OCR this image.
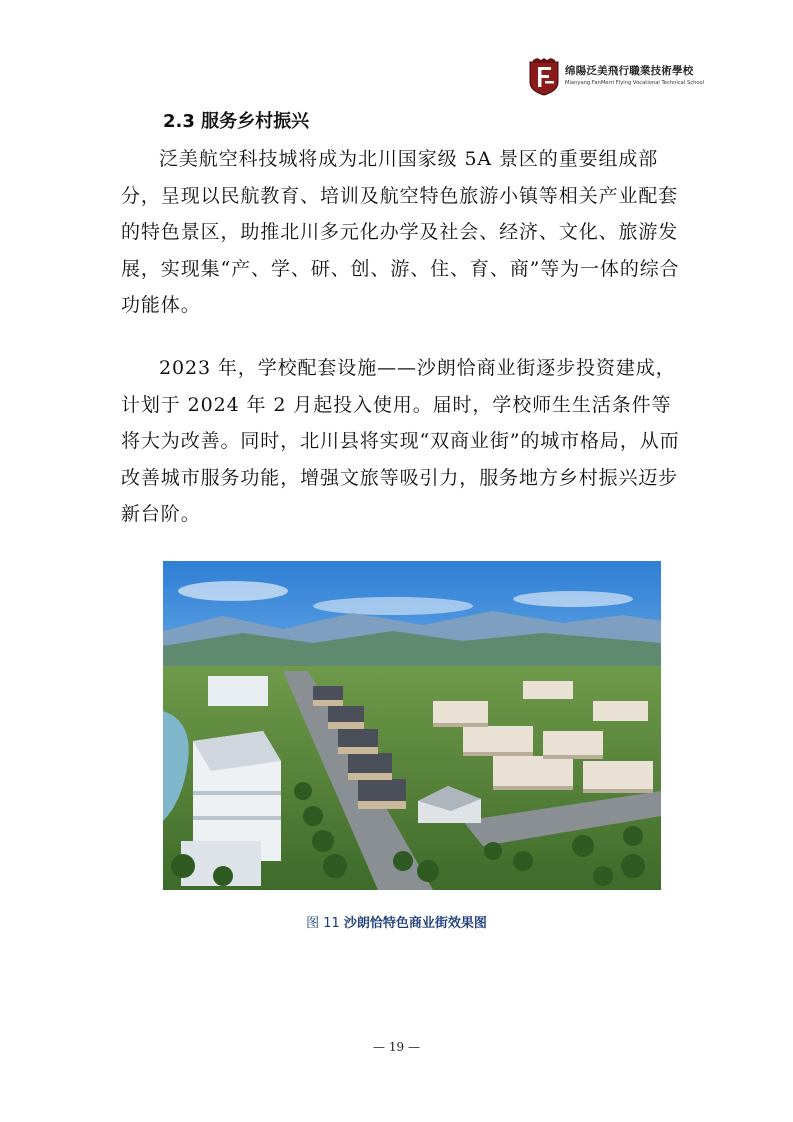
绵陽泛美飛行職業技術學校
Mianyang FanMerri Flying Vocational Technical School
2.3 服务乡村振兴

泛美航空科技城将成为北川国家级 5A 景区的重要组成部分，呈现以民航教育、培训及航空特色旅游小镇等相关产业配套的特色景区，助推北川多元化办学及社会、经济、文化、旅游发展，实现集“产、学、研、创、游、住、育、商”等为一体的综合功能体。

2023 年，学校配套设施——沙朗恰商业街逐步投资建成，计划于 2024 年 2 月起投入使用。届时，学校师生生活条件等将大为改善。同时，北川县将实现“双商业街”的城市格局，从而改善城市服务功能，增强文旅等吸引力，服务地方乡村振兴迈步新台阶。

图 11 沙朗恰特色商业街效果图
— 19 —
